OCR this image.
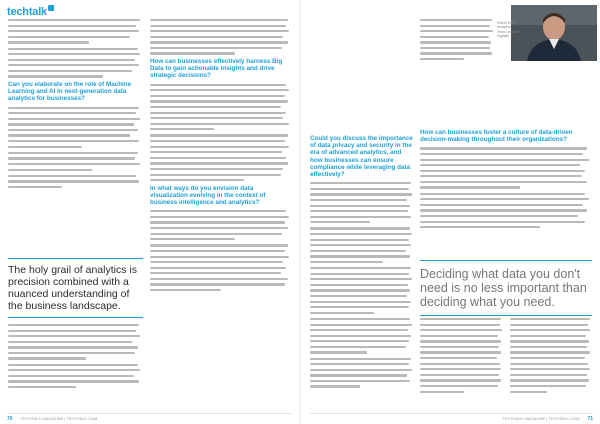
techtalk
Can you elaborate on the role of Machine Learning and AI in next-generation data analytics for businesses?
The holy grail of analytics is precision combined with a nuanced understanding of the business landscape.
How can businesses effectively harness Big Data to gain actionable insights and drive strategic decisions?
In what ways do you envision data visualization evolving in the context of business intelligence and analytics?
Could you discuss the importance of data privacy and security in the era of advanced analytics, and how businesses can ensure compliance while leveraging data effectively?
How can businesses foster a culture of data-driven decision-making throughout their organizations?
Rainer Kirn, Analytics Team Lead at Digitalis
Deciding what data you don't need is no less important than deciding what you need.
70 TECHTALK MAGAZINE | TECHTALK.COM	TECHTALK MAGAZINE | TECHTALK.COM 71
